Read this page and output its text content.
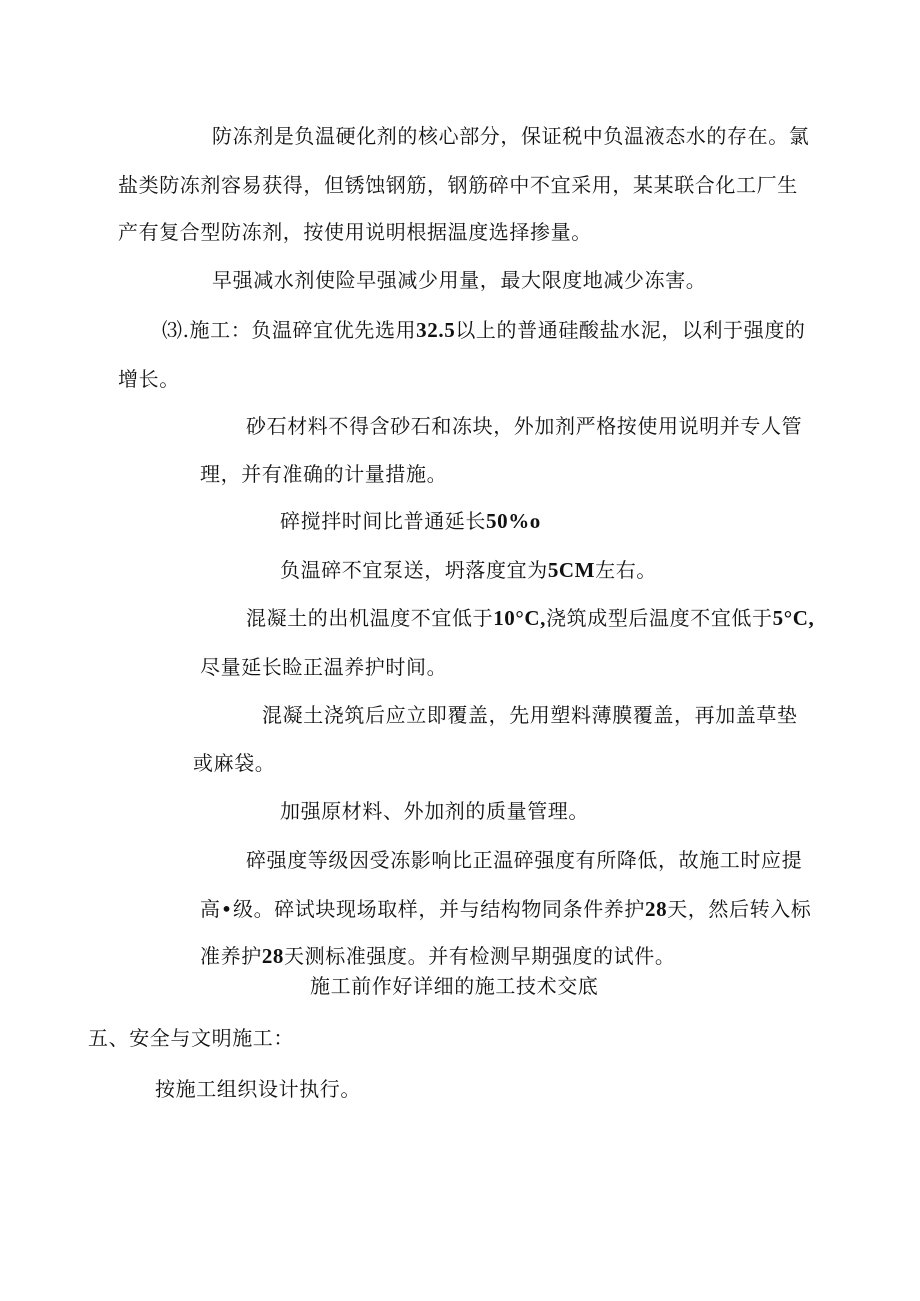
防冻剂是负温硬化剂的核心部分，保证税中负温液态水的存在。氯
盐类防冻剂容易获得，但锈蚀钢筋，钢筋碎中不宜采用，某某联合化工厂生
产有复合型防冻剂，按使用说明根据温度选择掺量。
早强减水剂使险早强减少用量，最大限度地减少冻害。
⑶.施工：负温碎宜优先选用32.5以上的普通硅酸盐水泥，以利于强度的
增长。
砂石材料不得含砂石和冻块，外加剂严格按使用说明并专人管
理，并有准确的计量措施。
碎搅拌时间比普通延长50%o
负温碎不宜泵送，坍落度宜为5CM左右。
混凝土的出机温度不宜低于10°C,浇筑成型后温度不宜低于5°C,
尽量延长睑正温养护时间。
混凝土浇筑后应立即覆盖，先用塑料薄膜覆盖，再加盖草垫
或麻袋。
加强原材料、外加剂的质量管理。
碎强度等级因受冻影响比正温碎强度有所降低，故施工时应提
高•级。碎试块现场取样，并与结构物同条件养护28天，然后转入标
准养护28天测标准强度。并有检测早期强度的试件。
施工前作好详细的施工技术交底
五、安全与文明施工：
按施工组织设计执行。
